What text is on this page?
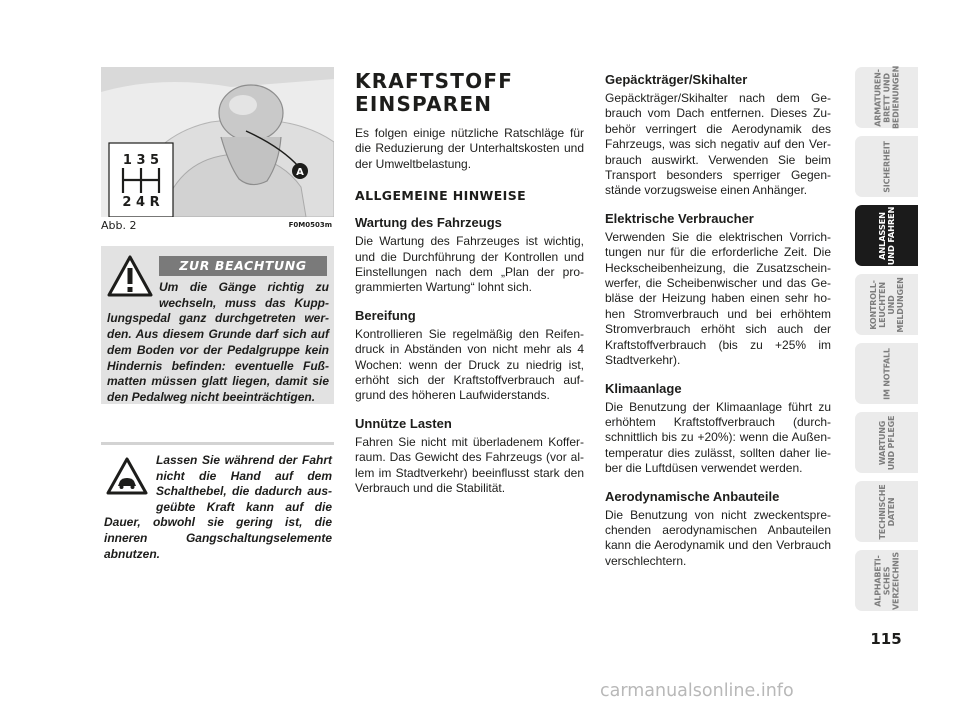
1 3 5
2 4 R
A
Abb. 2	F0M0503m
ZUR BEACHTUNG

Um die Gänge richtig zu wechseln, muss das Kupp-lungspedal ganz durchgetreten wer-den. Aus diesem Grunde darf sich auf dem Boden vor der Pedalgruppe kein Hindernis befinden: eventuelle Fuß-matten müssen glatt liegen, damit sie den Pedalweg nicht beeinträchtigen.

Lassen Sie während der Fahrt nicht die Hand auf dem Schalthebel, die dadurch aus-geübte Kraft kann auf die Dauer, obwohl sie gering ist, die inneren Gangschaltungselemente abnutzen.

KRAFTSTOFF
EINSPAREN

Es folgen einige nützliche Ratschläge für die Reduzierung der Unterhaltskosten und der Umweltbelastung.

ALLGEMEINE HINWEISE
Wartung des Fahrzeugs

Die Wartung des Fahrzeuges ist wichtig, und die Durchführung der Kontrollen und Einstellungen nach dem „Plan der pro-grammierten Wartung“ lohnt sich.

Bereifung

Kontrollieren Sie regelmäßig den Reifen-druck in Abständen von nicht mehr als 4 Wochen: wenn der Druck zu niedrig ist, erhöht sich der Kraftstoffverbrauch auf-grund des höheren Laufwiderstands.

Unnütze Lasten

Fahren Sie nicht mit überladenem Koffer-raum. Das Gewicht des Fahrzeugs (vor al-lem im Stadtverkehr) beeinflusst stark den Verbrauch und die Stabilität.

Gepäckträger/Skihalter

Gepäckträger/Skihalter nach dem Ge-brauch vom Dach entfernen. Dieses Zu-behör verringert die Aerodynamik des Fahrzeugs, was sich negativ auf den Ver-brauch auswirkt. Verwenden Sie beim Transport besonders sperriger Gegen-stände vorzugsweise einen Anhänger.

Elektrische Verbraucher

Verwenden Sie die elektrischen Vorrich-tungen nur für die erforderliche Zeit. Die Heckscheibenheizung, die Zusatzschein-werfer, die Scheibenwischer und das Ge-bläse der Heizung haben einen sehr ho-hen Stromverbrauch und bei erhöhtem Stromverbrauch erhöht sich auch der Kraftstoffverbrauch (bis zu +25% im Stadtverkehr).

Klimaanlage

Die Benutzung der Klimaanlage führt zu erhöhtem Kraftstoffverbrauch (durch-schnittlich bis zu +20%): wenn die Außen-temperatur dies zulässt, sollten daher lie-ber die Luftdüsen verwendet werden.

Aerodynamische Anbauteile

Die Benutzung von nicht zweckentspre-chenden aerodynamischen Anbauteilen kann die Aerodynamik und den Verbrauch verschlechtern.

ARMATUREN-
BRETT UND
BEDIENUNGEN
SICHERHEIT
ANLASSEN
UND FAHREN
KONTROLL-
LEUCHTEN UND
MELDUNGEN
IM NOTFALL
WARTUNG
UND PFLEGE
TECHNISCHE
DATEN
ALPHABETI-
SCHES
VERZEICHNIS
115
carmanualsonline.info
